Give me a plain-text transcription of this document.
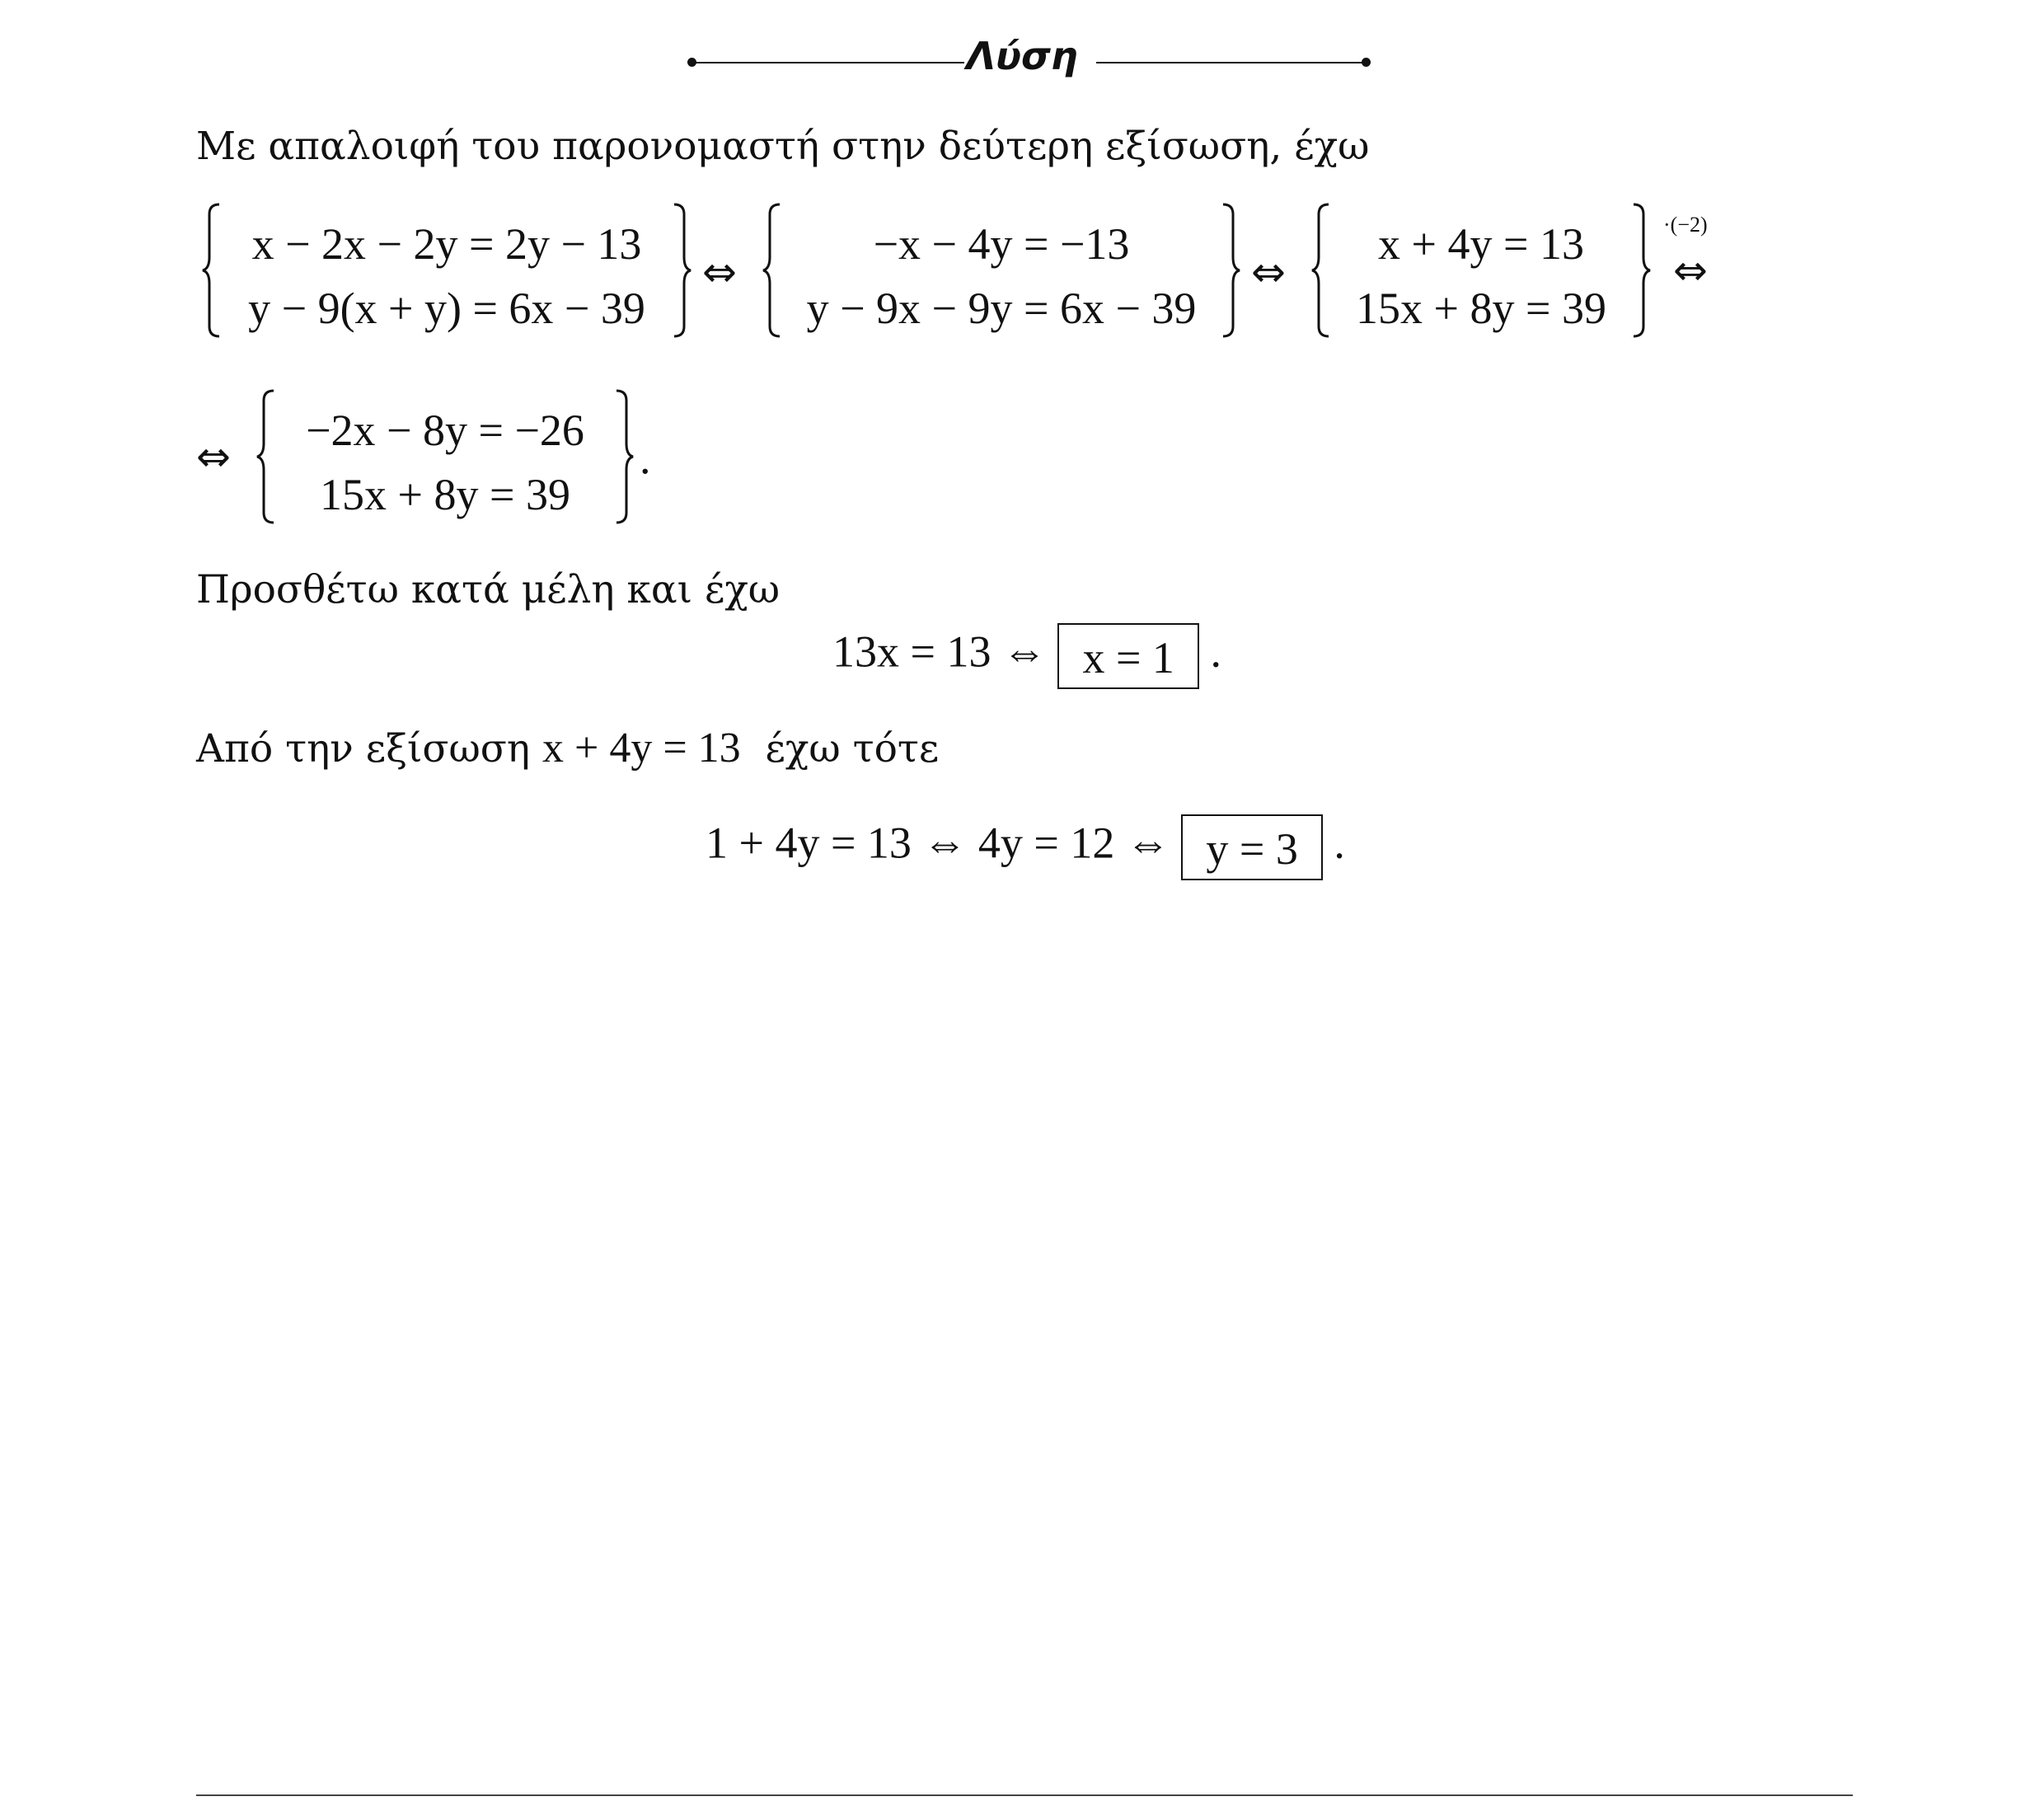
Λύση
Με απαλοιφή του παρονομαστή στην δεύτερη εξίσωση, έχω
x − 2x − 2y = 2y − 13
y − 9(x + y) = 6x − 39
⇔
−x − 4y = −13
y − 9x − 9y = 6x − 39
⇔
x + 4y = 13
15x + 8y = 39
·(−2)
⇔
⇔
−2x − 8y = −26
15x + 8y = 39
.
Προσθέτω κατά μέλη και έχω
13x = 13 ⇔ x = 1 .
Από την εξίσωση x + 4y = 13  έχω τότε
1 + 4y = 13 ⇔ 4y = 12 ⇔ y = 3 .
